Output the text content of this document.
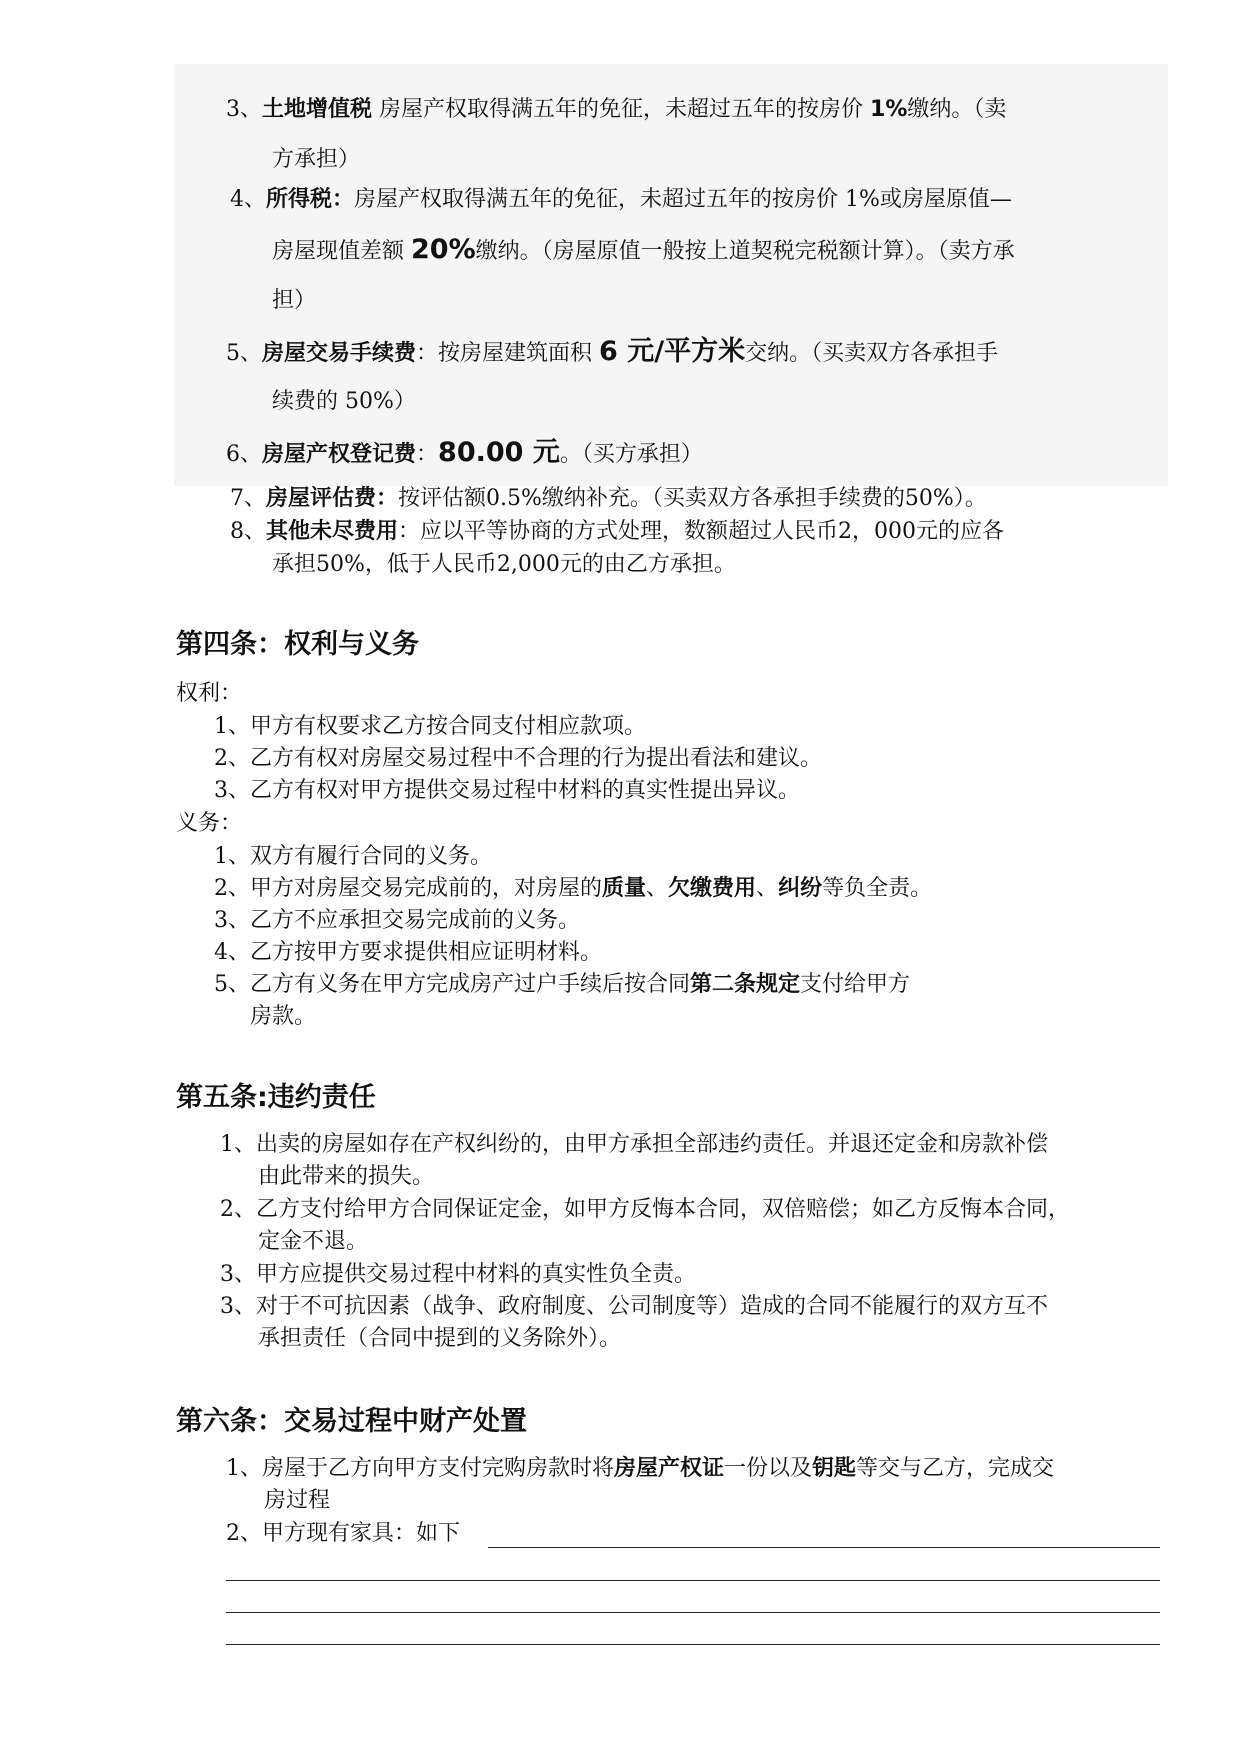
3、土地增值税 房屋产权取得满五年的免征，未超过五年的按房价 1%缴纳。（卖
方承担）
4、所得税：房屋产权取得满五年的免征，未超过五年的按房价 1%或房屋原值—
房屋现值差额 20%缴纳。（房屋原值一般按上道契税完税额计算）。（卖方承
担）
5、房屋交易手续费：按房屋建筑面积 6 元/平方米交纳。（买卖双方各承担手
续费的 50%）
6、房屋产权登记费：80.00 元。（买方承担）
7、房屋评估费：按评估额0.5%缴纳补充。（买卖双方各承担手续费的50%）。
8、其他未尽费用：应以平等协商的方式处理，数额超过人民币2，000元的应各
承担50%，低于人民币2,000元的由乙方承担。
第四条：权利与义务
权利：
1、甲方有权要求乙方按合同支付相应款项。
2、乙方有权对房屋交易过程中不合理的行为提出看法和建议。
3、乙方有权对甲方提供交易过程中材料的真实性提出异议。
义务：
1、双方有履行合同的义务。
2、甲方对房屋交易完成前的，对房屋的质量、欠缴费用、纠纷等负全责。
3、乙方不应承担交易完成前的义务。
4、乙方按甲方要求提供相应证明材料。
5、乙方有义务在甲方完成房产过户手续后按合同第二条规定支付给甲方
房款。
第五条:违约责任
1、出卖的房屋如存在产权纠纷的，由甲方承担全部违约责任。并退还定金和房款补偿
由此带来的损失。
2、乙方支付给甲方合同保证定金，如甲方反悔本合同，双倍赔偿；如乙方反悔本合同，
定金不退。
3、甲方应提供交易过程中材料的真实性负全责。
3、对于不可抗因素（战争、政府制度、公司制度等）造成的合同不能履行的双方互不
承担责任（合同中提到的义务除外）。
第六条：交易过程中财产处置
1、房屋于乙方向甲方支付完购房款时将房屋产权证一份以及钥匙等交与乙方，完成交
房过程
2、甲方现有家具：如下
